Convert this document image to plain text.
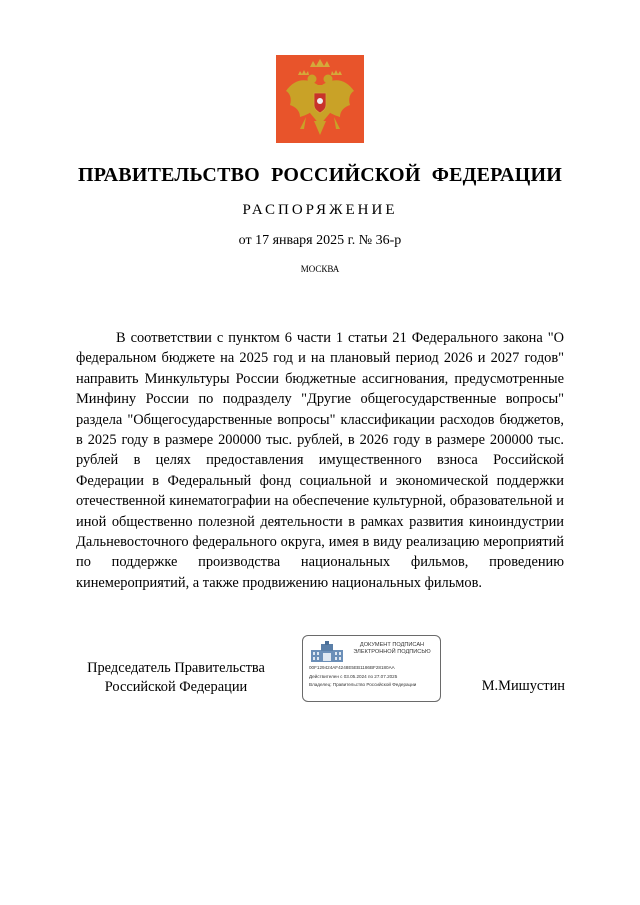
ПРАВИТЕЛЬСТВО РОССИЙСКОЙ ФЕДЕРАЦИИ
РАСПОРЯЖЕНИЕ
от 17 января 2025 г. № 36-р
МОСКВА
В соответствии с пунктом 6 части 1 статьи 21 Федерального закона "О федеральном бюджете на 2025 год и на плановый период 2026 и 2027 годов" направить Минкультуры России бюджетные ассигнования, предусмотренные Минфину России по подразделу "Другие общегосударственные вопросы" раздела "Общегосударственные вопросы" классификации расходов бюджетов, в 2025 году в размере 200000 тыс. рублей, в 2026 году в размере 200000 тыс. рублей в целях предоставления имущественного взноса Российской Федерации в Федеральный фонд социальной и экономической поддержки отечественной кинематографии на обеспечение культурной, образовательной и иной общественно полезной деятельности в рамках развития киноиндустрии Дальневосточного федерального округа, имея в виду реализацию мероприятий по поддержке производства национальных фильмов, проведению кинемероприятий, а также продвижению национальных фильмов.
Председатель Правительства
Российской Федерации
ДОКУМЕНТ ПОДПИСАН ЭЛЕКТРОННОЙ ПОДПИСЬЮ
00F129424AF4248E5EB1186BF28180AA
Действителен с 03.05.2024 по 27.07.2025
Владелец: Правительство Российской Федерации	М.Мишустин
